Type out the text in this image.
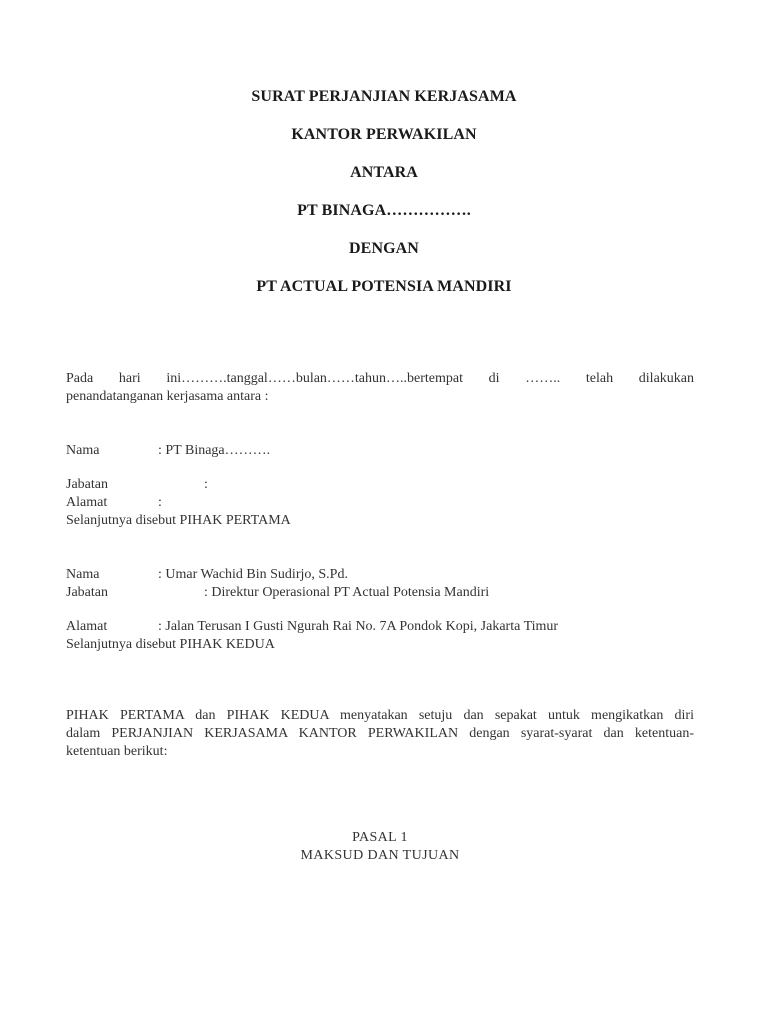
SURAT PERJANJIAN KERJASAMA
KANTOR PERWAKILAN
ANTARA
PT BINAGA…………….
DENGAN
PT ACTUAL POTENSIA MANDIRI
Pada hari ini……….tanggal……bulan……tahun…..bertempat di …….. telah dilakukan
penandatanganan kerjasama antara :
Nama	: PT Binaga……….
Jabatan	:
Alamat	:
Selanjutnya disebut PIHAK PERTAMA
Nama	: Umar Wachid Bin Sudirjo, S.Pd.
Jabatan	: Direktur Operasional PT Actual Potensia Mandiri
Alamat	: Jalan Terusan I Gusti Ngurah Rai No. 7A Pondok Kopi, Jakarta Timur
Selanjutnya disebut PIHAK KEDUA
PIHAK PERTAMA dan PIHAK KEDUA menyatakan setuju dan sepakat untuk mengikatkan diri
dalam PERJANJIAN KERJASAMA KANTOR PERWAKILAN dengan syarat-syarat dan ketentuan-
ketentuan berikut:
PASAL 1
MAKSUD DAN TUJUAN
